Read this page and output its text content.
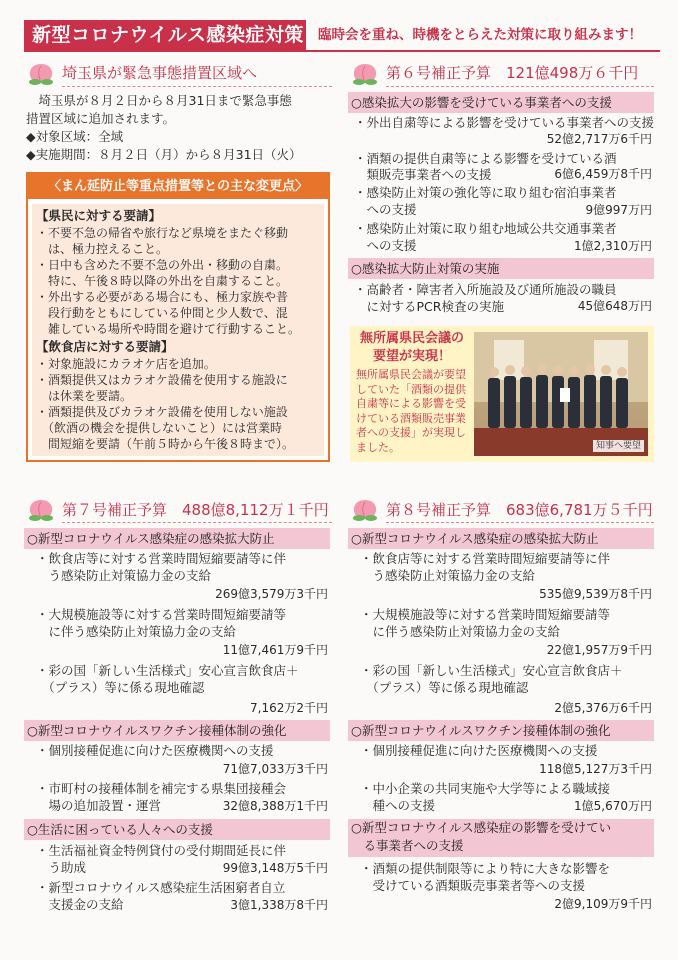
新型コロナウイルス感染症対策 臨時会を重ね、時機をとらえた対策に取り組みます！
埼玉県が緊急事態措置区域へ
　埼玉県が８月２日から８月31日まで緊急事態
措置区域に追加されます。
◆対象区域：全域
◆実施期間：８月２日（月）から８月31日（火）
〈まん延防止等重点措置等との主な変更点〉
【県民に対する要請】
・不要不急の帰省や旅行など県境をまたぐ移動
　は、極力控えること。
・日中も含めた不要不急の外出・移動の自粛。
　特に、午後８時以降の外出を自粛すること。
・外出する必要がある場合にも、極力家族や普
　段行動をともにしている仲間と少人数で、混
　雑している場所や時間を避けて行動すること。
【飲食店に対する要請】
・対象施設にカラオケ店を追加。
・酒類提供又はカラオケ設備を使用する施設に
　は休業を要請。
・酒類提供及びカラオケ設備を使用しない施設
　（飲酒の機会を提供しないこと）には営業時
　間短縮を要請（午前５時から午後８時まで）。
第６号補正予算　121億498万６千円
○感染拡大の影響を受けている事業者への支援
・外出自粛等による影響を受けている事業者への支援
52億2,717万6千円
・酒類の提供自粛等による影響を受けている酒
　類販売事業者への支援	6億6,459万8千円
・感染防止対策の強化等に取り組む宿泊事業者
　への支援	9億997万円
・感染防止対策に取り組む地域公共交通事業者
　への支援	1億2,310万円
○感染拡大防止対策の実施
・高齢者・障害者入所施設及び通所施設の職員
　に対するPCR検査の実施	45億648万円
無所属県民会議の
要望が実現！
無所属県民会議が要望
していた「酒類の提供
自粛等による影響を受
けている酒類販売事業
者への支援」が実現し
ました。	知事へ要望
第７号補正予算　488億8,112万１千円
○新型コロナウイルス感染症の感染拡大防止
・飲食店等に対する営業時間短縮要請等に伴
　う感染防止対策協力金の支給
269億3,579万3千円
・大規模施設等に対する営業時間短縮要請等
　に伴う感染防止対策協力金の支給
11億7,461万9千円
・彩の国「新しい生活様式」安心宣言飲食店＋
　（プラス）等に係る現地確認
7,162万2千円
○新型コロナウイルスワクチン接種体制の強化
・個別接種促進に向けた医療機関への支援
71億7,033万3千円
・市町村の接種体制を補完する県集団接種会
　場の追加設置・運営	32億8,388万1千円
○生活に困っている人々への支援
・生活福祉資金特例貸付の受付期間延長に伴
　う助成	99億3,148万5千円
・新型コロナウイルス感染症生活困窮者自立
　支援金の支給	3億1,338万8千円
第８号補正予算　683億6,781万５千円
○新型コロナウイルス感染症の感染拡大防止
・飲食店等に対する営業時間短縮要請等に伴
　う感染防止対策協力金の支給
535億9,539万8千円
・大規模施設等に対する営業時間短縮要請等
　に伴う感染防止対策協力金の支給
22億1,957万9千円
・彩の国「新しい生活様式」安心宣言飲食店＋
　（プラス）等に係る現地確認
2億5,376万6千円
○新型コロナウイルスワクチン接種体制の強化
・個別接種促進に向けた医療機関への支援
118億5,127万3千円
・中小企業の共同実施や大学等による職域接
　種への支援	1億5,670万円
○新型コロナウイルス感染症の影響を受けてい
　る事業者への支援
・酒類の提供制限等により特に大きな影響を
　受けている酒類販売事業者等への支援
2億9,109万9千円
